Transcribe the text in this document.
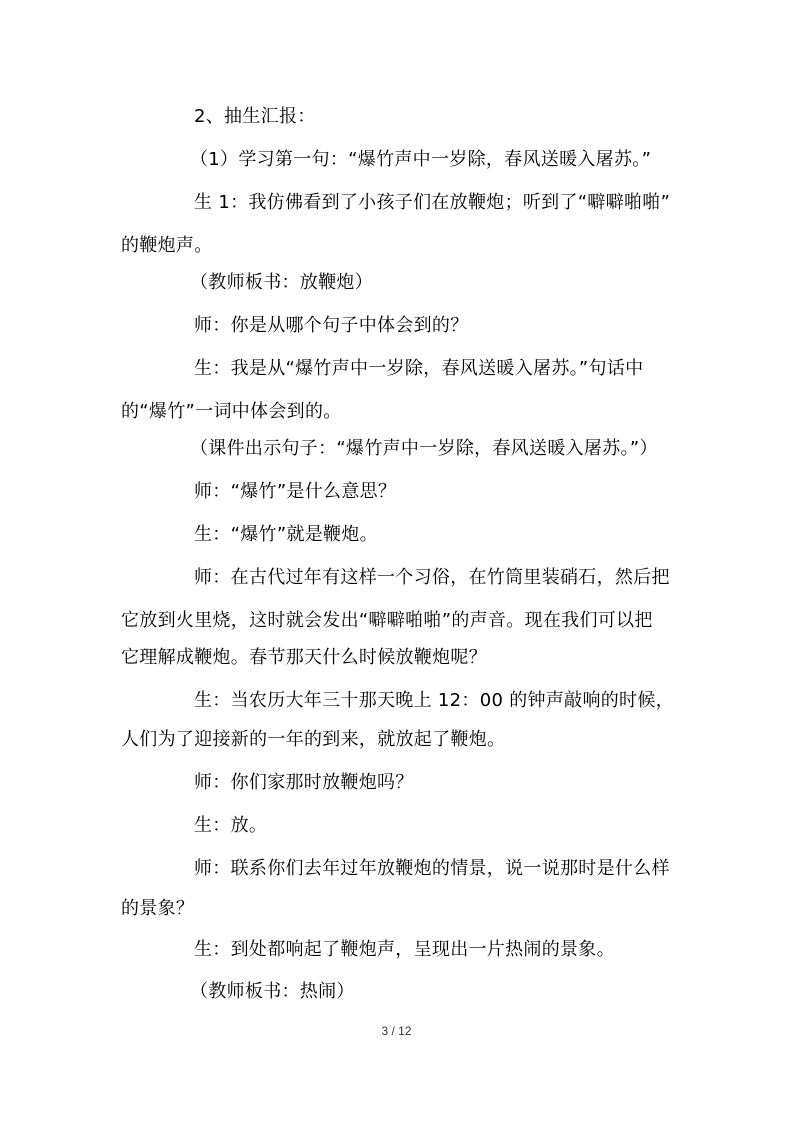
2、抽生汇报：
（1）学习第一句：“爆竹声中一岁除，春风送暖入屠苏。”
生 1：我仿佛看到了小孩子们在放鞭炮；听到了“噼噼啪啪”
的鞭炮声。
（教师板书：放鞭炮）
师：你是从哪个句子中体会到的？
生：我是从“爆竹声中一岁除，春风送暖入屠苏。”句话中
的“爆竹”一词中体会到的。
（课件出示句子：“爆竹声中一岁除，春风送暖入屠苏。”）
师：“爆竹”是什么意思？
生：“爆竹”就是鞭炮。
师：在古代过年有这样一个习俗，在竹筒里装硝石，然后把
它放到火里烧，这时就会发出“噼噼啪啪”的声音。现在我们可以把
它理解成鞭炮。春节那天什么时候放鞭炮呢？
生：当农历大年三十那天晚上 12：00 的钟声敲响的时候，
人们为了迎接新的一年的到来，就放起了鞭炮。
师：你们家那时放鞭炮吗？
生：放。
师：联系你们去年过年放鞭炮的情景，说一说那时是什么样
的景象？
生：到处都响起了鞭炮声，呈现出一片热闹的景象。
（教师板书：热闹）
3 / 12
